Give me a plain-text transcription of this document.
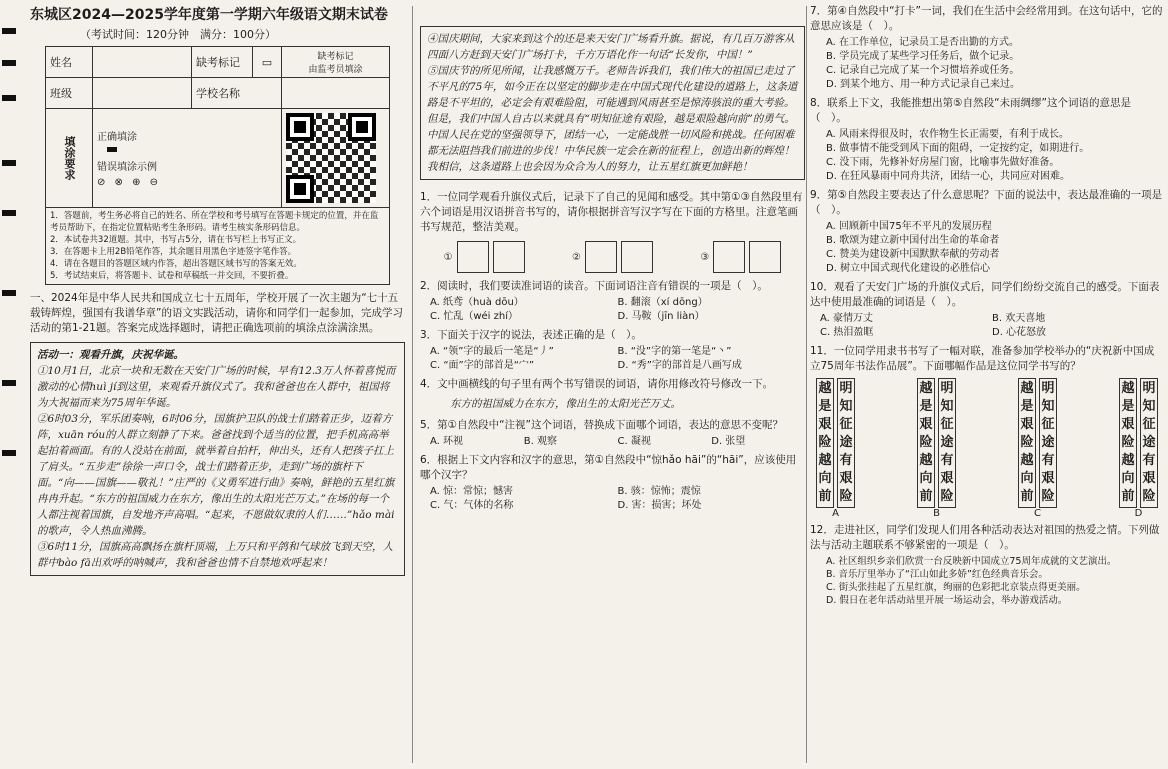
东城区2024—2025学年度第一学期六年级语文期末试卷
（考试时间：120分钟　满分：100分）
姓名		缺考标记	▭	缺考标记
由监考员填涂
班级		学校名称		
填涂要求	正确填涂
错误填涂示例
⊘ ⊗ ⊕ ⊖			

1．答题前，考生务必将自己的姓名、所在学校和考号填写在答题卡规定的位置，并在监考员帮助下，在指定位置粘贴考生条形码。请考生核实条形码信息。
2．本试卷共32道题。其中，书写占5分，请在书写栏上书写正文。
3．在答题卡上用2B铅笔作答，其余题目用黑色字迹签字笔作答。
4．请在各题目的答题区域内作答，超出答题区域书写的答案无效。
5．考试结束后，将答题卡、试卷和草稿纸一并交回，不要折叠。				

一、2024年是中华人民共和国成立七十五周年，学校开展了一次主题为“七十五载铸辉煌，强国有我谱华章”的语文实践活动，请你和同学们一起参加，完成学习活动的第1-21题。答案完成选择题时，请把正确选项前的填涂点涂满涂黑。

活动一：观看升旗，庆祝华诞。
①10月1日，北京一块和无数在天安门广场的时候，早有12.3万人怀着喜悦而激动的心情huì jí到这里，来观看升旗仪式了。我和爸爸也在人群中，祖国将为大祝福而来为75周年华诞。
②6时03分，军乐团奏响，6时06分，国旗护卫队的战士们踏着正步，迈着方阵，xuān róu的人群立刻静了下来。爸爸找到个适当的位置，把手机高高举起拍着画面。有的人没站在前面，就举着自拍杆，伸出头，还有人把孩子扛上了肩头。“五步走”徐徐一声口令，战士们踏着正步，走到广场的旗杆下面。“向——国旗——敬礼！”庄严的《义勇军进行曲》奏响，鲜艳的五星红旗冉冉升起。“东方的祖国威力在东方，像出生的太阳光芒万丈。”在场的每一个人都注视着国旗，自发地齐声高唱。“起来，不愿做奴隶的人们……”hǎo mài的歌声，令人热血沸腾。
③6时11分，国旗高高飘扬在旗杆顶端，上万只和平鸽和气球放飞到天空，人群中bào fā出欢呼的呐喊声，我和爸爸也情不自禁地欢呼起来！
④国庆期间，大家来到这个的还是来天安门广场看升旗。据说，有几百万游客从四面八方赶到天安门广场打卡，千方万语化作一句话“长发你，中国！”
⑤国庆节的所见所闻，让我感慨万千。老师告诉我们，我们伟大的祖国已走过了不平凡的75年，如今正在以坚定的脚步走在中国式现代化建设的道路上，这条道路是不平坦的，必定会有艰难险阻，可能遇到风雨甚至是惊涛骇浪的重大考验。但是，我们中国人自古以来就具有“明知征途有艰险，越是艰险越向前”的勇气。中国人民在党的坚强领导下，团结一心，一定能战胜一切风险和挑战。任何困难都无法阻挡我们前进的步伐！中华民族一定会在新的征程上，创造出新的辉煌！我相信，这条道路上也会因为众合为人的努力，让五星红旗更加鲜艳！

1．一位同学观看升旗仪式后，记录下了自己的见闻和感受。其中第①③自然段里有六个词语是用汉语拼音书写的，请你根据拼音写汉字写在下面的方格里。注意笔画书写规范，整洁美观。

①	②	③

2．阅读时，我们要读准词语的读音。下面词语注音有错误的一项是（　）。

A. 纸鸢（huà dōu）	B. 翻滚（xí dōng）
C. 忙乱（wéi zhí）	D. 马鞍（jīn liàn）

3．下面关于汉字的说法，表述正确的是（　）。

A. “领”字的最后一笔是“丿”	B. “没”字的第一笔是“丶”
C. “面”字的部首是“宀”	D. “秀”字的部首是八画写成

4．文中画横线的句子里有两个书写错误的词语，请你用修改符号修改一下。

东方的祖国威力在东方，像出生的太阳光芒万丈。

5．第①自然段中“注视”这个词语，替换成下面哪个词语，表达的意思不变呢？

A. 环视	B. 观察	C. 凝视	D. 张望

6．根据上下文内容和汉字的意思，第①自然段中“惊hǎo hāi”的“hāi”，应该使用哪个汉字？

A. 惊：常惊；憾害	B. 骇：惊怖；震惊
C. 气：气体的名称	D. 害：损害；坏处

7．第④自然段中“打卡”一词，我们在生活中会经常用到。在这句话中，它的意思应该是（　）。

A. 在工作单位，记录员工是否出勤的方式。
B. 学员完成了某些学习任务后，做个记录。
C. 记录自己完成了某一个习惯培养或任务。
D. 到某个地方、用一种方式记录自己来过。

8．联系上下文，我能推想出第⑤自然段“未雨绸缪”这个词语的意思是（　）。

A. 风雨来得很及时，农作物生长正需要，有利于成长。
B. 做事情不能受到风下面的阻碍，一定按约定，如期进行。
C. 没下雨，先修补好房屋门窗，比喻事先做好准备。
D. 在狂风暴雨中同舟共济，团结一心，共同应对困难。

9．第⑤自然段主要表达了什么意思呢？下面的说法中，表达最准确的一项是（　）。

A. 回顾新中国75年不平凡的发展历程
B. 歌颂为建立新中国付出生命的革命者
C. 赞美为建设新中国默默奉献的劳动者
D. 树立中国式现代化建设的必胜信心

10．观看了天安门广场的升旗仪式后，同学们纷纷交流自己的感受。下面表达中使用最准确的词语是（　）。

A. 豪情万丈	B. 欢天喜地
C. 热泪盈眶	D. 心花怒放

11．一位同学用隶书书写了一幅对联，准备参加学校举办的“庆祝新中国成立75周年书法作品展”。下面哪幅作品是这位同学书写的？

越
是
艰
险
越
向
前
明
知
征
途
有
艰
险
A
越
是
艰
险
越
向
前
明
知
征
途
有
艰
险
B
越
是
艰
险
越
向
前
明
知
征
途
有
艰
险
C
越
是
艰
险
越
向
前
明
知
征
途
有
艰
险
D

12．走进社区，同学们发现人们用各种活动表达对祖国的热爱之情。下列做法与活动主题联系不够紧密的一项是（　）。

A. 社区组织乡亲们欣赏一台反映新中国成立75周年成就的文艺演出。
B. 音乐厅里举办了“江山如此多娇”红色经典音乐会。
C. 街头张挂起了五星红旗，绚丽的色彩把北京装点得更美丽。
D. 假日在老年活动站里开展一场运动会，举办游戏活动。
